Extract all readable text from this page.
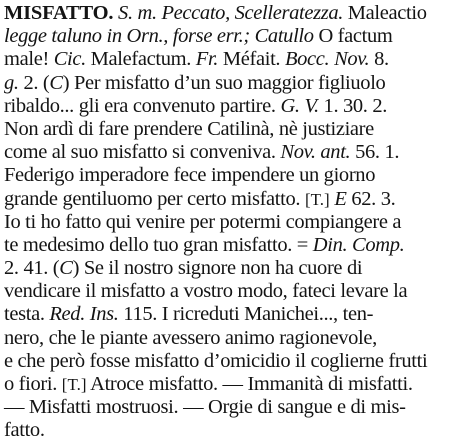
MISFATTO. S. m. Peccato, Scelleratezza. Maleactio
legge taluno in Orn., forse err.; Catullo O factum
male! Cic. Malefactum. Fr. Méfait. Bocc. Nov. 8.
g. 2. (C) Per misfatto d’un suo maggior figliuolo
ribaldo... gli era convenuto partire. G. V. 1. 30. 2.
Non ardì di fare prendere Catilinà, nè justiziare
come al suo misfatto si conveniva. Nov. ant. 56. 1.
Federigo imperadore fece impendere un giorno
grande gentiluomo per certo misfatto. [T.] E 62. 3.
Io ti ho fatto qui venire per potermi compiangere a
te medesimo dello tuo gran misfatto. = Din. Comp.
2. 41. (C) Se il nostro signore non ha cuore di
vendicare il misfatto a vostro modo, fateci levare la
testa. Red. Ins. 115. I ricreduti Manichei..., ten-
nero, che le piante avessero animo ragionevole,
e che però fosse misfatto d’omicidio il coglierne frutti
o fiori. [T.] Atroce misfatto. — Immanità di misfatti.
— Misfatti mostruosi. — Orgie di sangue e di mis-
fatto.
